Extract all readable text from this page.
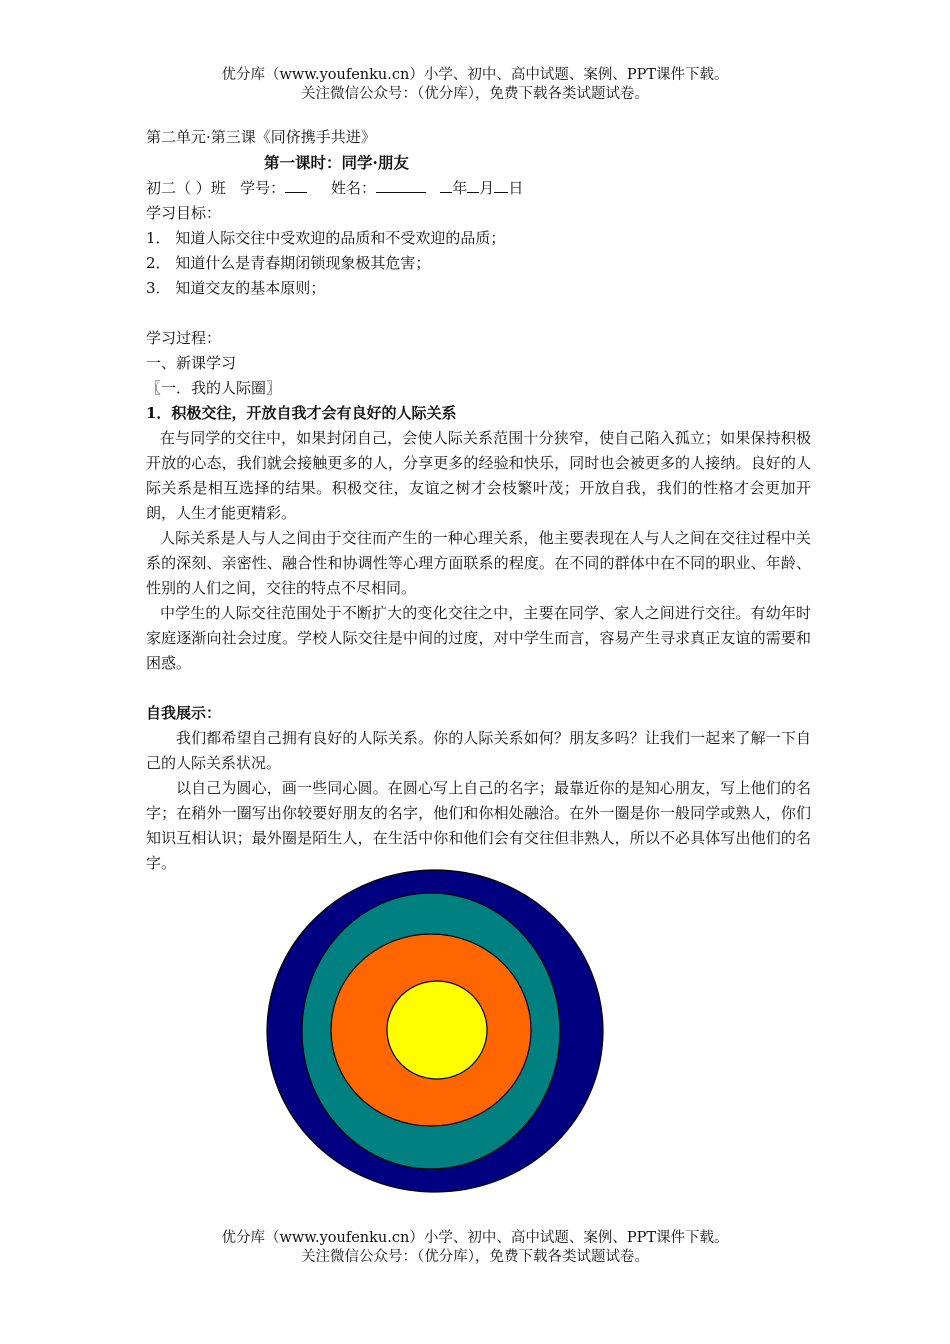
优分库（www.youfenku.cn）小学、初中、高中试题、案例、PPT课件下载。
关注微信公众号：（优分库），免费下载各类试题试卷。
第二单元·第三课《同侪携手共进》
第一课时：同学·朋友
初二（ ）班 学号：	姓名：	年 月 日
学习目标：
1． 知道人际交往中受欢迎的品质和不受欢迎的品质；
2． 知道什么是青春期闭锁现象极其危害；
3． 知道交友的基本原则；
学习过程：
一、新课学习
〖一．我的人际圈〗
1．积极交往，开放自我才会有良好的人际关系
在与同学的交往中，如果封闭自己，会使人际关系范围十分狭窄，使自己陷入孤立；如果保持积极开放的心态，我们就会接触更多的人，分享更多的经验和快乐，同时也会被更多的人接纳。良好的人际关系是相互选择的结果。积极交往，友谊之树才会枝繁叶茂；开放自我，我们的性格才会更加开朗，人生才能更精彩。
人际关系是人与人之间由于交往而产生的一种心理关系，他主要表现在人与人之间在交往过程中关系的深刻、亲密性、融合性和协调性等心理方面联系的程度。在不同的群体中在不同的职业、年龄、性别的人们之间，交往的特点不尽相同。
中学生的人际交往范围处于不断扩大的变化交往之中，主要在同学、家人之间进行交往。有幼年时家庭逐渐向社会过度。学校人际交往是中间的过度，对中学生而言，容易产生寻求真正友谊的需要和困惑。
自我展示：
我们都希望自己拥有良好的人际关系。你的人际关系如何？朋友多吗？让我们一起来了解一下自己的人际关系状况。
以自己为圆心，画一些同心圆。在圆心写上自己的名字；最靠近你的是知心朋友，写上他们的名字；在稍外一圈写出你较要好朋友的名字，他们和你相处融洽。在外一圈是你一般同学或熟人，你们知识互相认识；最外圈是陌生人，在生活中你和他们会有交往但非熟人，所以不必具体写出他们的名字。
优分库（www.youfenku.cn）小学、初中、高中试题、案例、PPT课件下载。
关注微信公众号：（优分库），免费下载各类试题试卷。
